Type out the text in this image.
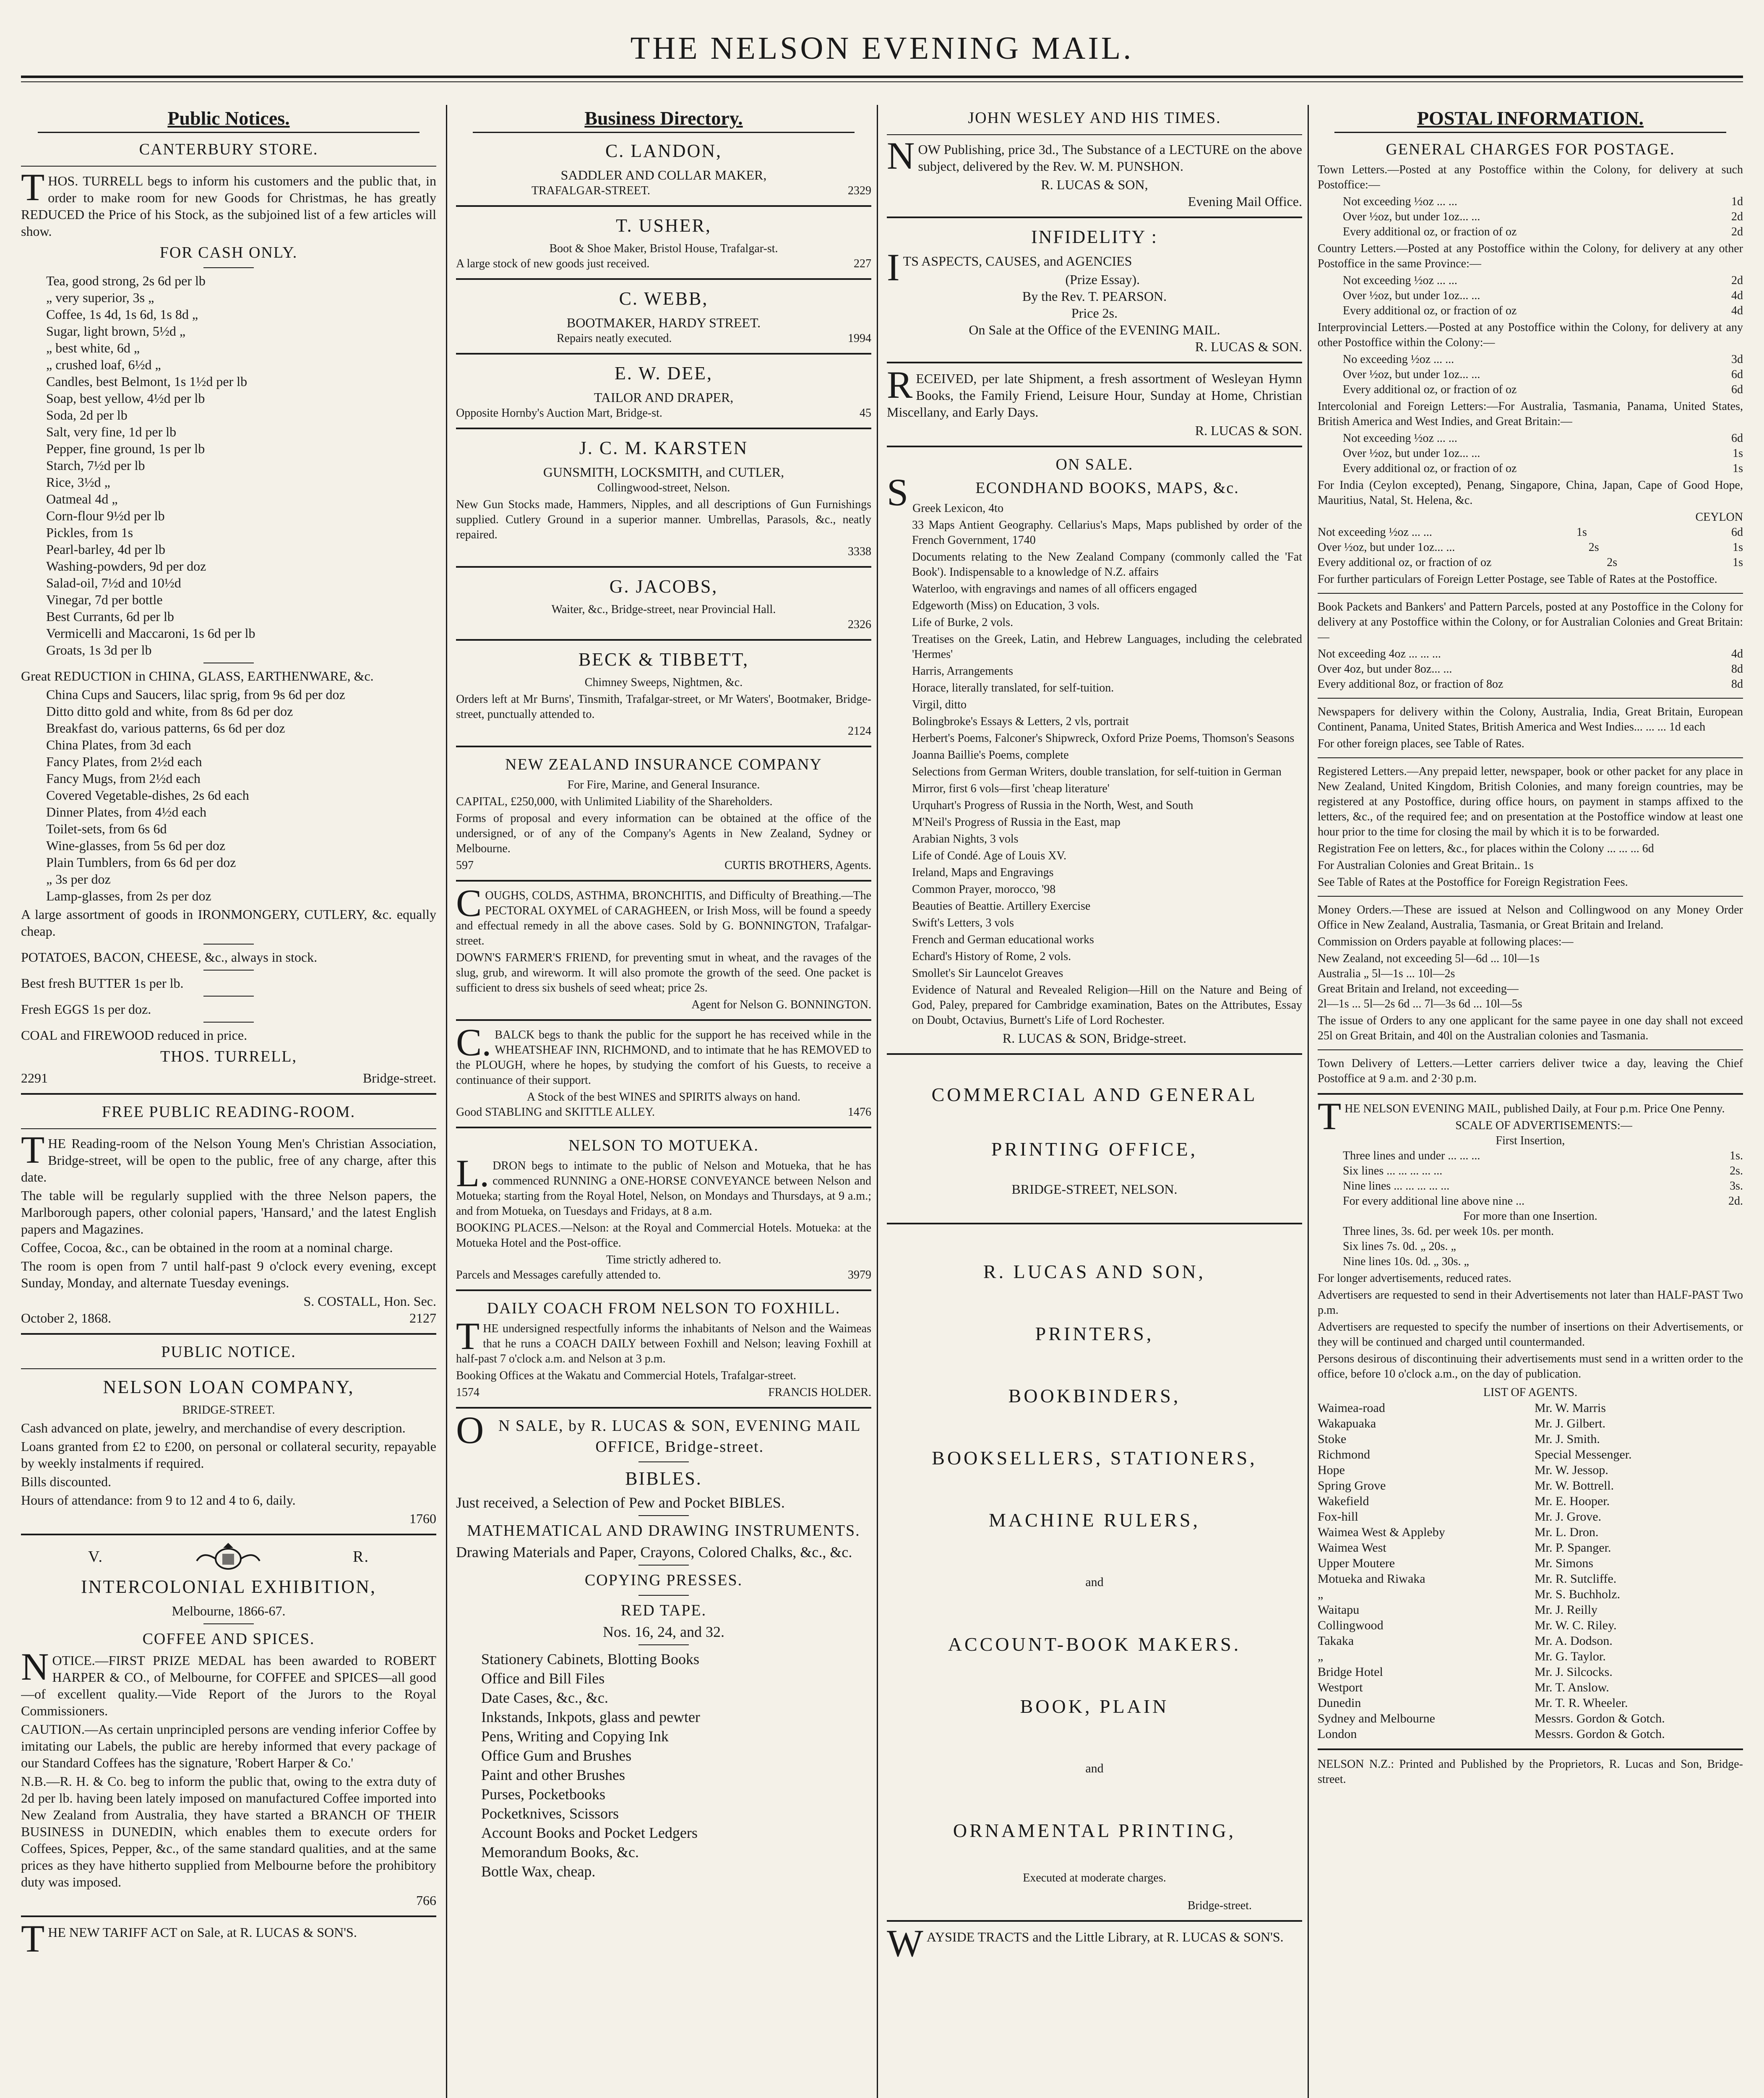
THE NELSON EVENING MAIL.
Public Notices.
CANTERBURY STORE.
THOS. TURRELL begs to inform his customers and the public that, in order to make room for new Goods for Christmas, he has greatly REDUCED the Price of his Stock, as the subjoined list of a few articles will show.
FOR CASH ONLY.
Tea, good strong, 2s 6d per lb
„ very superior, 3s „
Coffee, 1s 4d, 1s 6d, 1s 8d „
Sugar, light brown, 5½d „
„ best white, 6d „
„ crushed loaf, 6½d „
Candles, best Belmont, 1s 1½d per lb
Soap, best yellow, 4½d per lb
Soda, 2d per lb
Salt, very fine, 1d per lb
Pepper, fine ground, 1s per lb
Starch, 7½d per lb
Rice, 3½d „
Oatmeal 4d „
Corn-flour 9½d per lb
Pickles, from 1s
Pearl-barley, 4d per lb
Washing-powders, 9d per doz
Salad-oil, 7½d and 10½d
Vinegar, 7d per bottle
Best Currants, 6d per lb
Vermicelli and Maccaroni, 1s 6d per lb
Groats, 1s 3d per lb
Great REDUCTION in CHINA, GLASS, EARTHENWARE, &c.
China Cups and Saucers, lilac sprig, from 9s 6d per doz
Ditto ditto gold and white, from 8s 6d per doz
Breakfast do, various patterns, 6s 6d per doz
China Plates, from 3d each
Fancy Plates, from 2½d each
Fancy Mugs, from 2½d each
Covered Vegetable-dishes, 2s 6d each
Dinner Plates, from 4½d each
Toilet-sets, from 6s 6d
Wine-glasses, from 5s 6d per doz
Plain Tumblers, from 6s 6d per doz
„ 3s per doz
Lamp-glasses, from 2s per doz
A large assortment of goods in IRONMONGERY, CUTLERY, &c. equally cheap.
POTATOES, BACON, CHEESE, &c., always in stock.
Best fresh BUTTER 1s per lb.
Fresh EGGS 1s per doz.
COAL and FIREWOOD reduced in price.
THOS. TURRELL,
2291	Bridge-street.
FREE PUBLIC READING-ROOM.
THE Reading-room of the Nelson Young Men's Christian Association, Bridge-street, will be open to the public, free of any charge, after this date.
The table will be regularly supplied with the three Nelson papers, the Marlborough papers, other colonial papers, 'Hansard,' and the latest English papers and Magazines.
Coffee, Cocoa, &c., can be obtained in the room at a nominal charge.
The room is open from 7 until half-past 9 o'clock every evening, except Sunday, Monday, and alternate Tuesday evenings.
S. COSTALL, Hon. Sec.
October 2, 1868.	2127
PUBLIC NOTICE.
NELSON LOAN COMPANY,
BRIDGE-STREET.
Cash advanced on plate, jewelry, and merchandise of every description.
Loans granted from £2 to £200, on personal or collateral security, repayable by weekly instalments if required.
Bills discounted.
Hours of attendance: from 9 to 12 and 4 to 6, daily.
1760
V.	R.
INTERCOLONIAL EXHIBITION,
Melbourne, 1866-67.
COFFEE AND SPICES.
NOTICE.—FIRST PRIZE MEDAL has been awarded to ROBERT HARPER & CO., of Melbourne, for COFFEE and SPICES—all good—of excellent quality.—Vide Report of the Jurors to the Royal Commissioners.
CAUTION.—As certain unprincipled persons are vending inferior Coffee by imitating our Labels, the public are hereby informed that every package of our Standard Coffees has the signature, 'Robert Harper & Co.'
N.B.—R. H. & Co. beg to inform the public that, owing to the extra duty of 2d per lb. having been lately imposed on manufactured Coffee imported into New Zealand from Australia, they have started a BRANCH OF THEIR BUSINESS in DUNEDIN, which enables them to execute orders for Coffees, Spices, Pepper, &c., of the same standard qualities, and at the same prices as they have hitherto supplied from Melbourne before the prohibitory duty was imposed.
766
THE NEW TARIFF ACT on Sale, at R. LUCAS & SON'S.
Business Directory.
C. LANDON,
SADDLER AND COLLAR MAKER,
TRAFALGAR-STREET.	2329
T. USHER,
Boot & Shoe Maker, Bristol House, Trafalgar-st.
A large stock of new goods just received.	227
C. WEBB,
BOOTMAKER, HARDY STREET.
Repairs neatly executed.	1994
E. W. DEE,
TAILOR AND DRAPER,
Opposite Hornby's Auction Mart, Bridge-st.	45
J. C. M. KARSTEN
GUNSMITH, LOCKSMITH, and CUTLER,
Collingwood-street, Nelson.
New Gun Stocks made, Hammers, Nipples, and all descriptions of Gun Furnishings supplied. Cutlery Ground in a superior manner. Umbrellas, Parasols, &c., neatly repaired.
3338
G. JACOBS,
Waiter, &c., Bridge-street, near Provincial Hall.
2326
BECK & TIBBETT,
Chimney Sweeps, Nightmen, &c.
Orders left at Mr Burns', Tinsmith, Trafalgar-street, or Mr Waters', Bootmaker, Bridge-street, punctually attended to.
2124
NEW ZEALAND INSURANCE COMPANY
For Fire, Marine, and General Insurance.
CAPITAL, £250,000, with Unlimited Liability of the Shareholders.
Forms of proposal and every information can be obtained at the office of the undersigned, or of any of the Company's Agents in New Zealand, Sydney or Melbourne.
597	CURTIS BROTHERS, Agents.
COUGHS, COLDS, ASTHMA, BRONCHITIS, and Difficulty of Breathing.—The PECTORAL OXYMEL of CARAGHEEN, or Irish Moss, will be found a speedy and effectual remedy in all the above cases. Sold by G. BONNINGTON, Trafalgar-street.
DOWN'S FARMER'S FRIEND, for preventing smut in wheat, and the ravages of the slug, grub, and wireworm. It will also promote the growth of the seed. One packet is sufficient to dress six bushels of seed wheat; price 2s.
Agent for Nelson G. BONNINGTON.
C.BALCK begs to thank the public for the support he has received while in the WHEATSHEAF INN, RICHMOND, and to intimate that he has REMOVED to the PLOUGH, where he hopes, by studying the comfort of his Guests, to receive a continuance of their support.
A Stock of the best WINES and SPIRITS always on hand.
Good STABLING and SKITTLE ALLEY.	1476
NELSON TO MOTUEKA.
L.DRON begs to intimate to the public of Nelson and Motueka, that he has commenced RUNNING a ONE-HORSE CONVEYANCE between Nelson and Motueka; starting from the Royal Hotel, Nelson, on Mondays and Thursdays, at 9 a.m.; and from Motueka, on Tuesdays and Fridays, at 8 a.m.
BOOKING PLACES.—Nelson: at the Royal and Commercial Hotels. Motueka: at the Motueka Hotel and the Post-office.
Time strictly adhered to.
Parcels and Messages carefully attended to.	3979
DAILY COACH FROM NELSON TO FOXHILL.
THE undersigned respectfully informs the inhabitants of Nelson and the Waimeas that he runs a COACH DAILY between Foxhill and Nelson; leaving Foxhill at half-past 7 o'clock a.m. and Nelson at 3 p.m.
Booking Offices at the Wakatu and Commercial Hotels, Trafalgar-street.
1574	FRANCIS HOLDER.
ON SALE, by R. LUCAS & SON, EVENING MAIL OFFICE, Bridge-street.
BIBLES.
Just received, a Selection of Pew and Pocket BIBLES.
MATHEMATICAL AND DRAWING INSTRUMENTS.
Drawing Materials and Paper, Crayons, Colored Chalks, &c., &c.
COPYING PRESSES.
RED TAPE.
Nos. 16, 24, and 32.
Stationery Cabinets, Blotting Books
Office and Bill Files
Date Cases, &c., &c.
Inkstands, Inkpots, glass and pewter
Pens, Writing and Copying Ink
Office Gum and Brushes
Paint and other Brushes
Purses, Pocketbooks
Pocketknives, Scissors
Account Books and Pocket Ledgers
Memorandum Books, &c.
Bottle Wax, cheap.
JOHN WESLEY AND HIS TIMES.
NOW Publishing, price 3d., The Substance of a LECTURE on the above subject, delivered by the Rev. W. M. PUNSHON.
R. LUCAS & SON,
Evening Mail Office.
INFIDELITY :
ITS ASPECTS, CAUSES, and AGENCIES
(Prize Essay).
By the Rev. T. PEARSON.
Price 2s.
On Sale at the Office of the EVENING MAIL.
R. LUCAS & SON.
RECEIVED, per late Shipment, a fresh assortment of Wesleyan Hymn Books, the Family Friend, Leisure Hour, Sunday at Home, Christian Miscellany, and Early Days.
R. LUCAS & SON.
ON SALE.
SECONDHAND BOOKS, MAPS, &c.
Greek Lexicon, 4to
33 Maps Antient Geography. Cellarius's Maps, Maps published by order of the French Government, 1740
Documents relating to the New Zealand Company (commonly called the 'Fat Book'). Indispensable to a knowledge of N.Z. affairs
Waterloo, with engravings and names of all officers engaged
Edgeworth (Miss) on Education, 3 vols.
Life of Burke, 2 vols.
Treatises on the Greek, Latin, and Hebrew Languages, including the celebrated 'Hermes'
Harris, Arrangements
Horace, literally translated, for self-tuition.
Virgil, ditto
Bolingbroke's Essays & Letters, 2 vls, portrait
Herbert's Poems, Falconer's Shipwreck, Oxford Prize Poems, Thomson's Seasons
Joanna Baillie's Poems, complete
Selections from German Writers, double translation, for self-tuition in German
Mirror, first 6 vols—first 'cheap literature'
Urquhart's Progress of Russia in the North, West, and South
M'Neil's Progress of Russia in the East, map
Arabian Nights, 3 vols
Life of Condé. Age of Louis XV.
Ireland, Maps and Engravings
Common Prayer, morocco, '98
Beauties of Beattie. Artillery Exercise
Swift's Letters, 3 vols
French and German educational works
Echard's History of Rome, 2 vols.
Smollet's Sir Launcelot Greaves
Evidence of Natural and Revealed Religion—Hill on the Nature and Being of God, Paley, prepared for Cambridge examination, Bates on the Attributes, Essay on Doubt, Octavius, Burnett's Life of Lord Rochester.
R. LUCAS & SON, Bridge-street.
COMMERCIAL AND GENERAL
PRINTING OFFICE,
BRIDGE-STREET, NELSON.
R. LUCAS AND SON,
PRINTERS,
BOOKBINDERS,
BOOKSELLERS, STATIONERS,
MACHINE RULERS,
and
ACCOUNT-BOOK MAKERS.
BOOK, PLAIN
and
ORNAMENTAL PRINTING,
Executed at moderate charges.
Bridge-street.
WAYSIDE TRACTS and the Little Library, at R. LUCAS & SON'S.
POSTAL INFORMATION.
GENERAL CHARGES FOR POSTAGE.
Town Letters.—Posted at any Postoffice within the Colony, for delivery at such Postoffice:—
Not exceeding ½oz ... ...	1d
Over ½oz, but under 1oz... ...	2d
Every additional oz, or fraction of oz	2d
Country Letters.—Posted at any Postoffice within the Colony, for delivery at any other Postoffice in the same Province:—
Not exceeding ½oz ... ...	2d
Over ½oz, but under 1oz... ...	4d
Every additional oz, or fraction of oz	4d
Interprovincial Letters.—Posted at any Postoffice within the Colony, for delivery at any other Postoffice within the Colony:—
No exceeding ½oz ... ...	3d
Over ½oz, but under 1oz... ...	6d
Every additional oz, or fraction of oz	6d
Intercolonial and Foreign Letters:—For Australia, Tasmania, Panama, United States, British America and West Indies, and Great Britain:—
Not exceeding ½oz ... ...	6d
Over ½oz, but under 1oz... ...	1s
Every additional oz, or fraction of oz	1s
For India (Ceylon excepted), Penang, Singapore, China, Japan, Cape of Good Hope, Mauritius, Natal, St. Helena, &c.
CEYLON
Not exceeding ½oz ... ...	1s	6d
Over ½oz, but under 1oz... ...	2s	1s
Every additional oz, or fraction of oz	2s	1s
For further particulars of Foreign Letter Postage, see Table of Rates at the Postoffice.
Book Packets and Bankers' and Pattern Parcels, posted at any Postoffice in the Colony for delivery at any Postoffice within the Colony, or for Australian Colonies and Great Britain:—
Not exceeding 4oz ... ... ...	4d
Over 4oz, but under 8oz... ...	8d
Every additional 8oz, or fraction of 8oz	8d
Newspapers for delivery within the Colony, Australia, India, Great Britain, European Continent, Panama, United States, British America and West Indies... ... ... 1d each
For other foreign places, see Table of Rates.
Registered Letters.—Any prepaid letter, newspaper, book or other packet for any place in New Zealand, United Kingdom, British Colonies, and many foreign countries, may be registered at any Postoffice, during office hours, on payment in stamps affixed to the letters, &c., of the required fee; and on presentation at the Postoffice window at least one hour prior to the time for closing the mail by which it is to be forwarded.
Registration Fee on letters, &c., for places within the Colony ... ... ... 6d
For Australian Colonies and Great Britain.. 1s
See Table of Rates at the Postoffice for Foreign Registration Fees.
Money Orders.—These are issued at Nelson and Collingwood on any Money Order Office in New Zealand, Australia, Tasmania, or Great Britain and Ireland.
Commission on Orders payable at following places:—
New Zealand, not exceeding 5l—6d ... 10l—1s
Australia „ 5l—1s ... 10l—2s
Great Britain and Ireland, not exceeding—
2l—1s ... 5l—2s 6d ... 7l—3s 6d ... 10l—5s
The issue of Orders to any one applicant for the same payee in one day shall not exceed 25l on Great Britain, and 40l on the Australian colonies and Tasmania.
Town Delivery of Letters.—Letter carriers deliver twice a day, leaving the Chief Postoffice at 9 a.m. and 2·30 p.m.
THE NELSON EVENING MAIL, published Daily, at Four p.m. Price One Penny.
SCALE OF ADVERTISEMENTS:—
First Insertion,
Three lines and under ... ... ...	1s.
Six lines ... ... ... ... ...	2s.
Nine lines ... ... ... ... ...	3s.
For every additional line above nine ...	2d.
For more than one Insertion.
Three lines, 3s. 6d. per week 10s. per month.
Six lines 7s. 0d. „ 20s. „
Nine lines 10s. 0d. „ 30s. „
For longer advertisements, reduced rates.
Advertisers are requested to send in their Advertisements not later than HALF-PAST Two p.m.
Advertisers are requested to specify the number of insertions on their Advertisements, or they will be continued and charged until countermanded.
Persons desirous of discontinuing their advertisements must send in a written order to the office, before 10 o'clock a.m., on the day of publication.
LIST OF AGENTS.
Waimea-road	Mr. W. Marris
Wakapuaka	Mr. J. Gilbert.
Stoke	Mr. J. Smith.
Richmond	Special Messenger.
Hope	Mr. W. Jessop.
Spring Grove	Mr. W. Bottrell.
Wakefield	Mr. E. Hooper.
Fox-hill	Mr. J. Grove.
Waimea West & Appleby	Mr. L. Dron.
Waimea West	Mr. P. Spanger.
Upper Moutere	Mr. Simons
Motueka and Riwaka	Mr. R. Sutcliffe.
„	Mr. S. Buchholz.
Waitapu	Mr. J. Reilly
Collingwood	Mr. W. C. Riley.
Takaka	Mr. A. Dodson.
„	Mr. G. Taylor.
Bridge Hotel	Mr. J. Silcocks.
Westport	Mr. T. Anslow.
Dunedin	Mr. T. R. Wheeler.
Sydney and Melbourne	Messrs. Gordon & Gotch.
London	Messrs. Gordon & Gotch.
NELSON N.Z.: Printed and Published by the Proprietors, R. Lucas and Son, Bridge-street.
